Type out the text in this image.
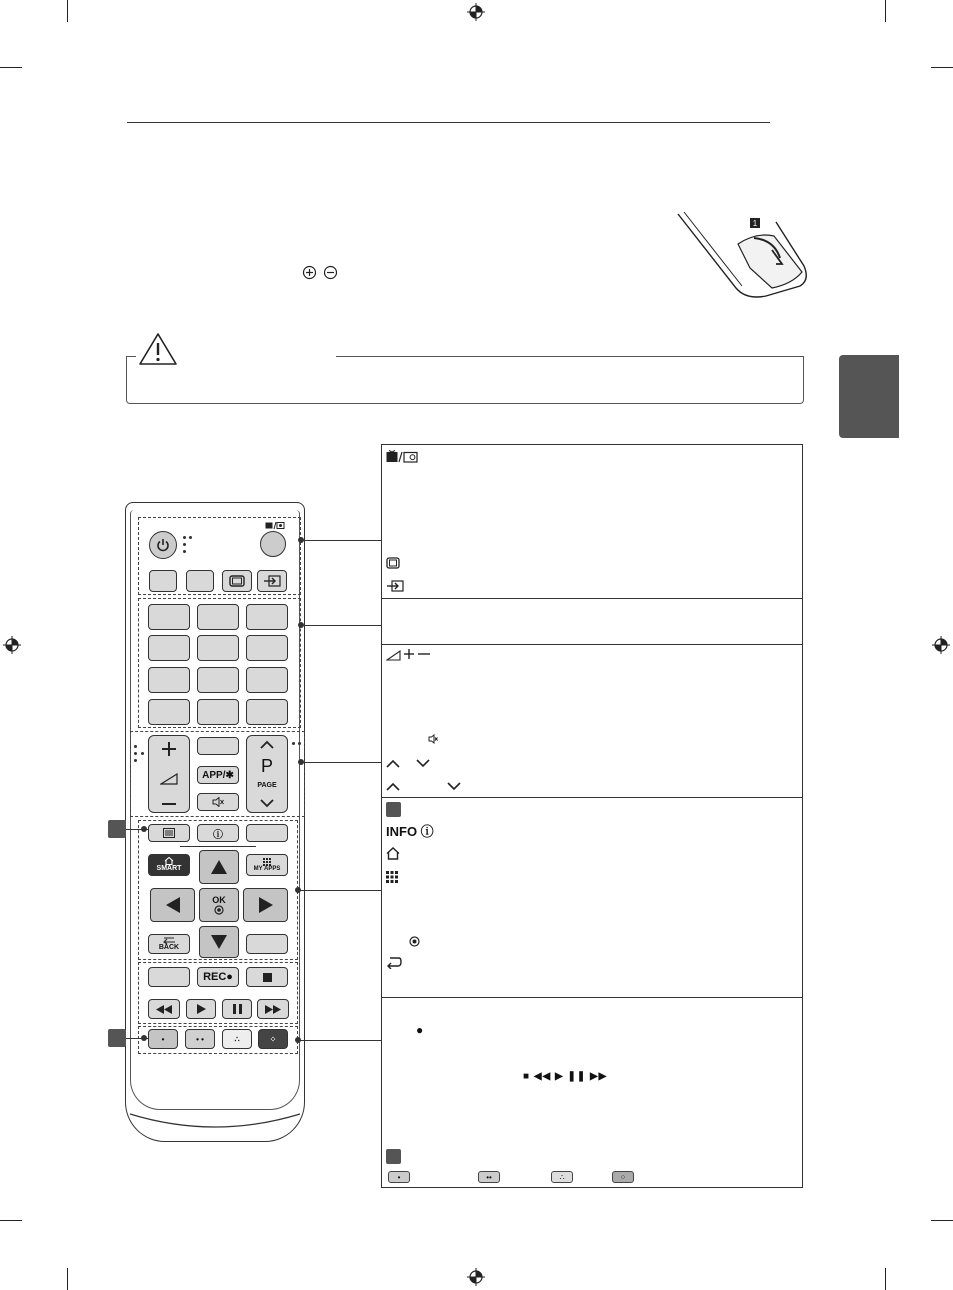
1
APP/✱ P
PAGE
ⓘ
SMART	MY APPS
OK
BACK
REC●
•	• •	∴	⁘
INFO ⓘ
●
■ ◀◀ ▶ ❚❚ ▶▶
•	••	∴	⁘
